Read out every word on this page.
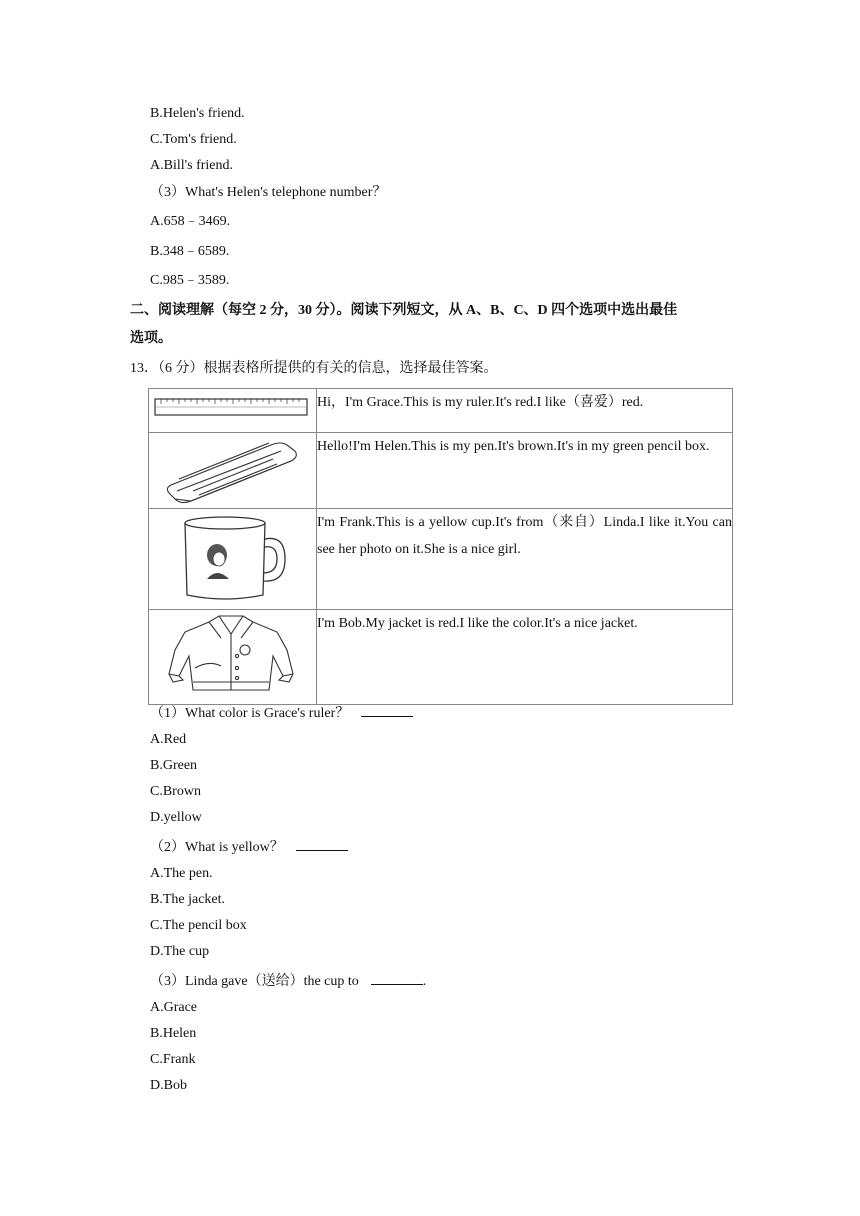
B.Helen's friend.
C.Tom's friend.
A.Bill's friend.
（3）What's Helen's telephone number？
A.658﹣3469.
B.348﹣6589.
C.985﹣3589.
二、阅读理解（每空 2 分，30 分）。阅读下列短文，从 A、B、C、D 四个选项中选出最佳
选项。
13．（6 分）根据表格所提供的有关的信息，选择最佳答案。

Hi，I'm Grace.This is my ruler.It's red.I like（喜爱）red.

Hello!I'm Helen.This is my pen.It's brown.It's in my green pencil box.

I'm Frank.This is a yellow cup.It's from（来自）Linda.I like it.You can see her photo on it.She is a nice girl.

I'm Bob.My jacket is red.I like the color.It's a nice jacket.
（1）What color is Grace's ruler？
A.Red
B.Green
C.Brown
D.yellow
（2）What is yellow？
A.The pen.
B.The jacket.
C.The pencil box
D.The cup
（3）Linda gave（送给）the cup to	.
A.Grace
B.Helen
C.Frank
D.Bob
